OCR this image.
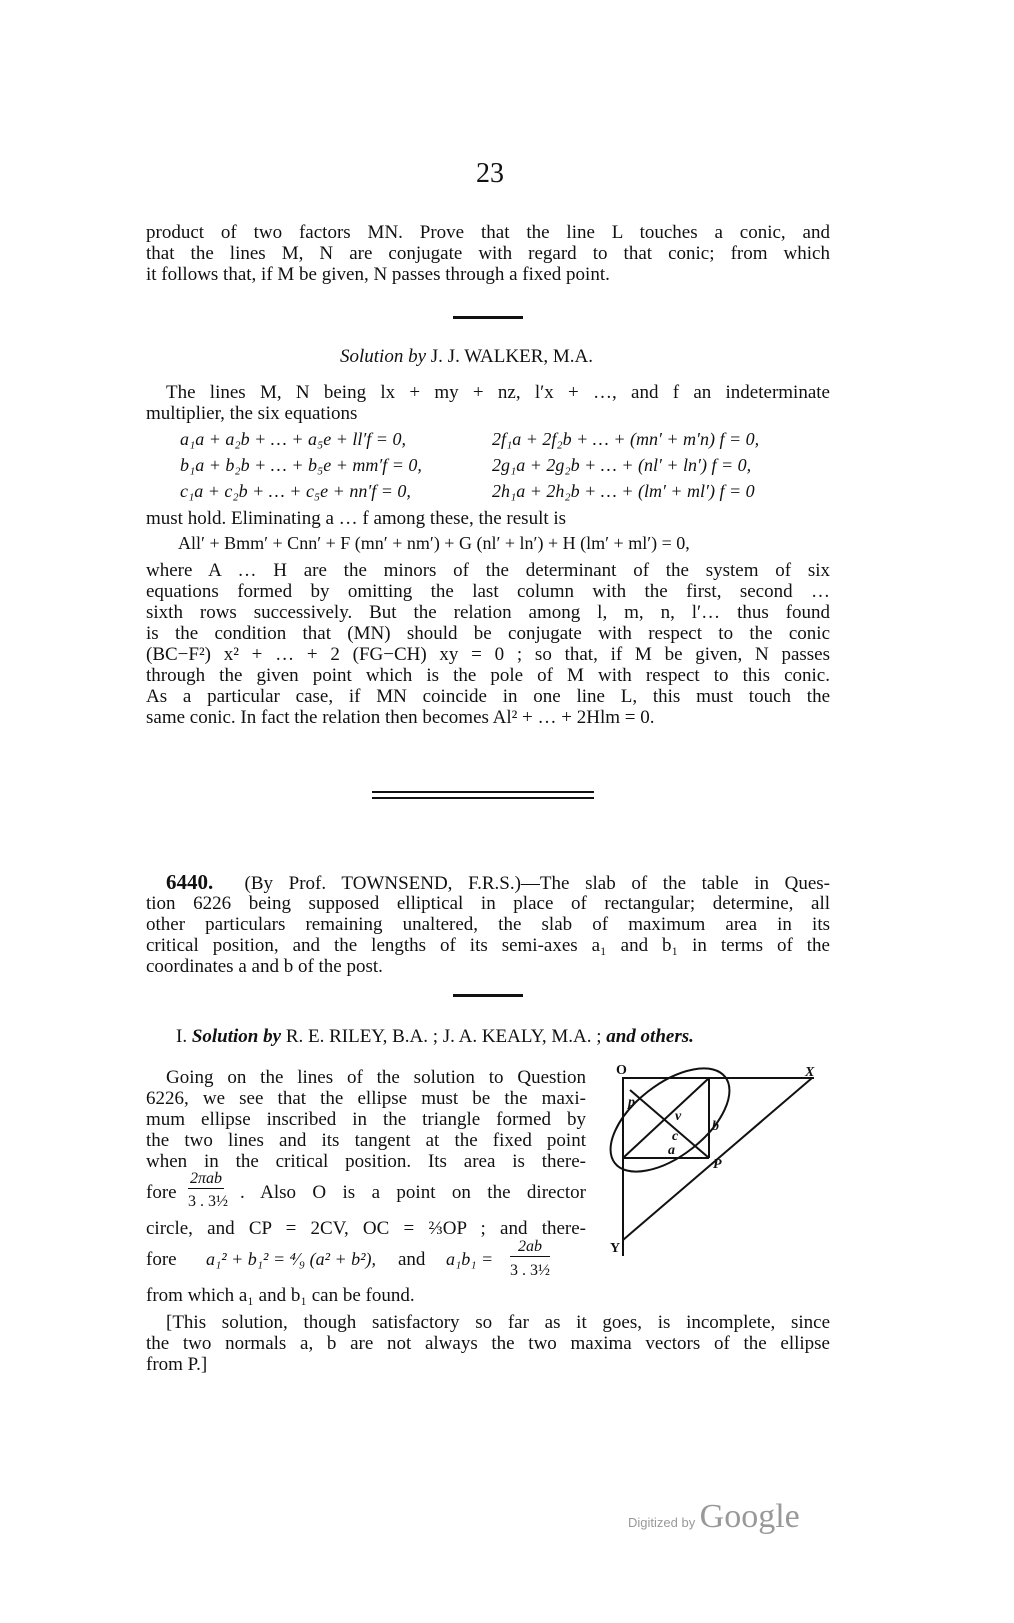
23
product of two factors MN. Prove that the line L touches a conic, and
that the lines M, N are conjugate with regard to that conic; from which
it follows that, if M be given, N passes through a fixed point.
Solution by J. J. WALKER, M.A.
The lines M, N being lx + my + nz, l′x + …, and f an indeterminate
multiplier, the six equations
a₁a + a₂b + … + a₅e + ll′f = 0,
b₁a + b₂b + … + b₅e + mm′f = 0,
c₁a + c₂b + … + c₅e + nn′f = 0,
2f₁a + 2f₂b + … + (mn′ + m′n) f = 0,
2g₁a + 2g₂b + … + (nl′ + ln′) f = 0,
2h₁a + 2h₂b + … + (lm′ + ml′) f = 0
must hold. Eliminating a … f among these, the result is
All′ + Bmm′ + Cnn′ + F (mn′ + nm′) + G (nl′ + ln′) + H (lm′ + ml′) = 0,
where A … H are the minors of the determinant of the system of six
equations formed by omitting the last column with the first, second …
sixth rows successively. But the relation among l, m, n, l′… thus found
is the condition that (MN) should be conjugate with respect to the conic
(BC−F²) x² + … + 2 (FG−CH) xy = 0 ; so that, if M be given, N passes
through the given point which is the pole of M with respect to this conic.
As a particular case, if MN coincide in one line L, this must touch the
same conic. In fact the relation then becomes Al² + … + 2Hlm = 0.
6440. (By Prof. TOWNSEND, F.R.S.)—The slab of the table in Ques-
tion 6226 being supposed elliptical in place of rectangular; determine, all
other particulars remaining unaltered, the slab of maximum area in its
critical position, and the lengths of its semi-axes a₁ and b₁ in terms of the
coordinates a and b of the post.
I. Solution by R. E. RILEY, B.A. ; J. A. KEALY, M.A. ; and others.
Going on the lines of the solution to Question
6226, we see that the ellipse must be the maxi-
mum ellipse inscribed in the triangle formed by
the two lines and its tangent at the fixed point
when in the critical position. Its area is there-
fore
2πab
3 . 3½ . Also O is a point on the director
circle, and CP = 2CV, OC = ⅔OP ; and there-
fore a₁² + b₁² = ⁴⁄₉ (a² + b²), and a₁b₁ =
2ab
3 . 3½
from which a₁ and b₁ can be found.
O	X
Y
p
v
c
a
b
P
[This solution, though satisfactory so far as it goes, is incomplete, since
the two normals a, b are not always the two maxima vectors of the ellipse
from P.]
Digitized by Google
